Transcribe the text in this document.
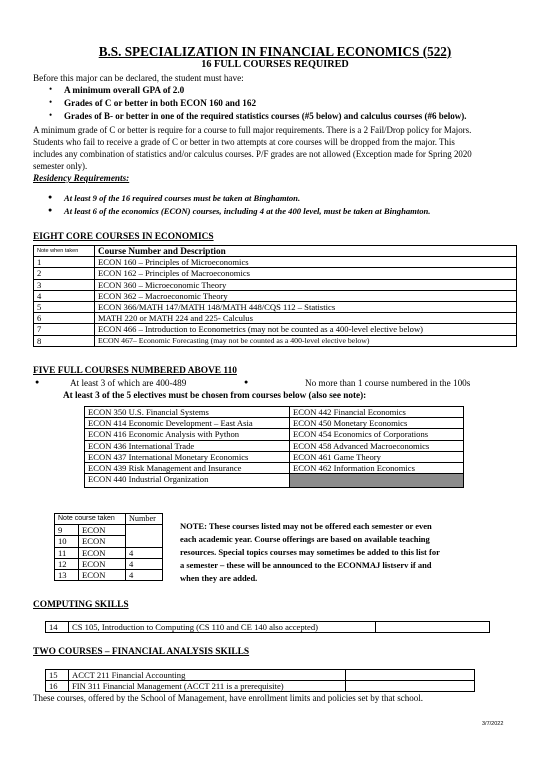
B.S. SPECIALIZATION IN FINANCIAL ECONOMICS (522)
16 FULL COURSES REQUIRED
Before this major can be declared, the student must have:
• A minimum overall GPA of 2.0
• Grades of C or better in both ECON 160 and 162
• Grades of B- or better in one of the required statistics courses (#5 below) and calculus courses (#6 below).
A minimum grade of C or better is require for a course to full major requirements. There is a 2 Fail/Drop policy for Majors.
Students who fail to receive a grade of C or better in two attempts at core courses will be dropped from the major. This
includes any combination of statistics and/or calculus courses. P/F grades are not allowed (Exception made for Spring 2020
semester only).
Residency Requirements:
● At least 9 of the 16 required courses must be taken at Binghamton.
● At least 6 of the economics (ECON) courses, including 4 at the 400 level, must be taken at Binghamton.
EIGHT CORE COURSES IN ECONOMICS
Note when taken	Course Number and Description
1	ECON 160 – Principles of Microeconomics
2	ECON 162 – Principles of Macroeconomics
3	ECON 360 – Microeconomic Theory
4	ECON 362 – Macroeconomic Theory
5	ECON 366/MATH 147/MATH 148/MATH 448/CQS 112 – Statistics
6	MATH 220 or MATH 224 and 225- Calculus
7	ECON 466 – Introduction to Econometrics (may not be counted as a 400-level elective below)
8	ECON 467– Economic Forecasting (may not be counted as a 400-level elective below)
FIVE FULL COURSES NUMBERED ABOVE 110
●	At least 3 of which are 400-489	●	No more than 1 course numbered in the 100s
At least 3 of the 5 electives must be chosen from courses below (also see note):
ECON 350 U.S. Financial Systems	ECON 442 Financial Economics
ECON 414 Economic Development – East Asia	ECON 450 Monetary Economics
ECON 416 Economic Analysis with Python	ECON 454 Economics of Corporations
ECON 436 International Trade	ECON 458 Advanced Macroeconomics
ECON 437 International Monetary Economics	ECON 461 Game Theory
ECON 439 Risk Management and Insurance	ECON 462 Information Economics
ECON 440 Industrial Organization	
Note course taken		Number
9	ECON	
10	ECON	
11	ECON	4
12	ECON	4
13	ECON	4
NOTE: These courses listed may not be offered each semester or even
each academic year. Course offerings are based on available teaching
resources. Special topics courses may sometimes be added to this list for
a semester – these will be announced to the ECONMAJ listserv if and
when they are added.
COMPUTING SKILLS
14	CS 105, Introduction to Computing (CS 110 and CE 140 also accepted)	
TWO COURSES – FINANCIAL ANALYSIS SKILLS
15	ACCT 211 Financial Accounting	
16	FIN 311 Financial Management (ACCT 211 is a prerequisite)	
These courses, offered by the School of Management, have enrollment limits and policies set by that school.
3/7/2022
